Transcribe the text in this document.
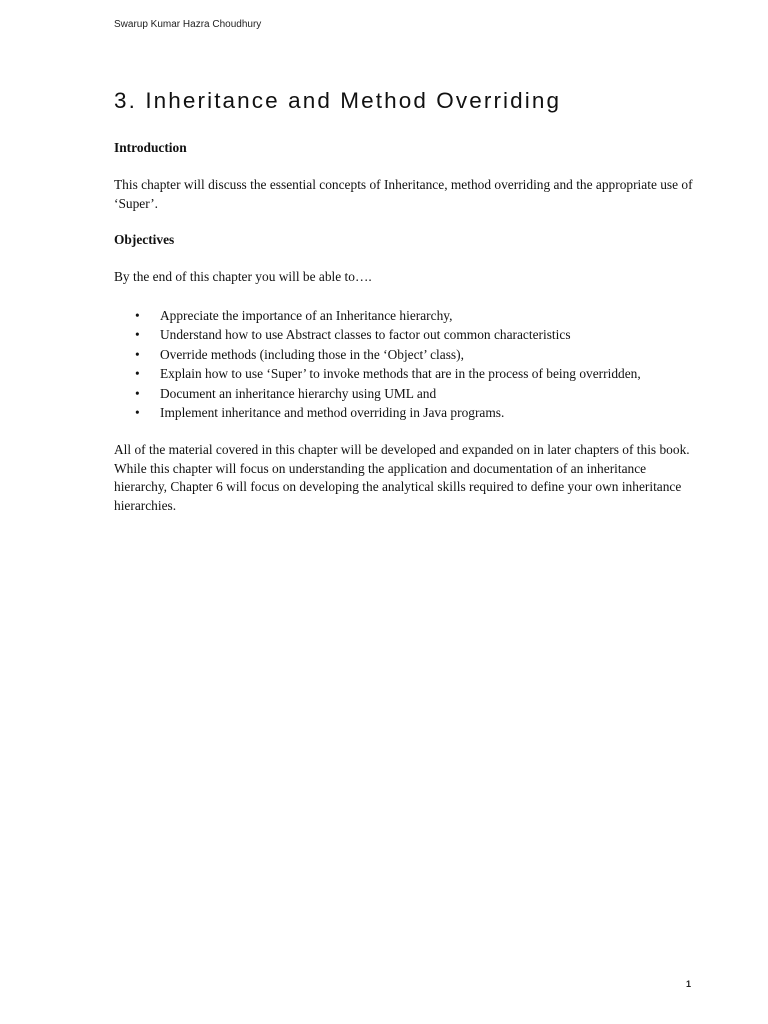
Swarup Kumar Hazra Choudhury
3. Inheritance and Method Overriding

Introduction

This chapter will discuss the essential concepts of Inheritance, method overriding and the appropriate use of ‘Super’.

Objectives

By the end of this chapter you will be able to….

• Appreciate the importance of an Inheritance hierarchy,
• Understand how to use Abstract classes to factor out common characteristics
• Override methods (including those in the ‘Object’ class),
• Explain how to use ‘Super’ to invoke methods that are in the process of being overridden,
• Document an inheritance hierarchy using UML and
• Implement inheritance and method overriding in Java programs.

All of the material covered in this chapter will be developed and expanded on in later chapters of this book. While this chapter will focus on understanding the application and documentation of an inheritance hierarchy, Chapter 6 will focus on developing the analytical skills required to define your own inheritance hierarchies.

1
